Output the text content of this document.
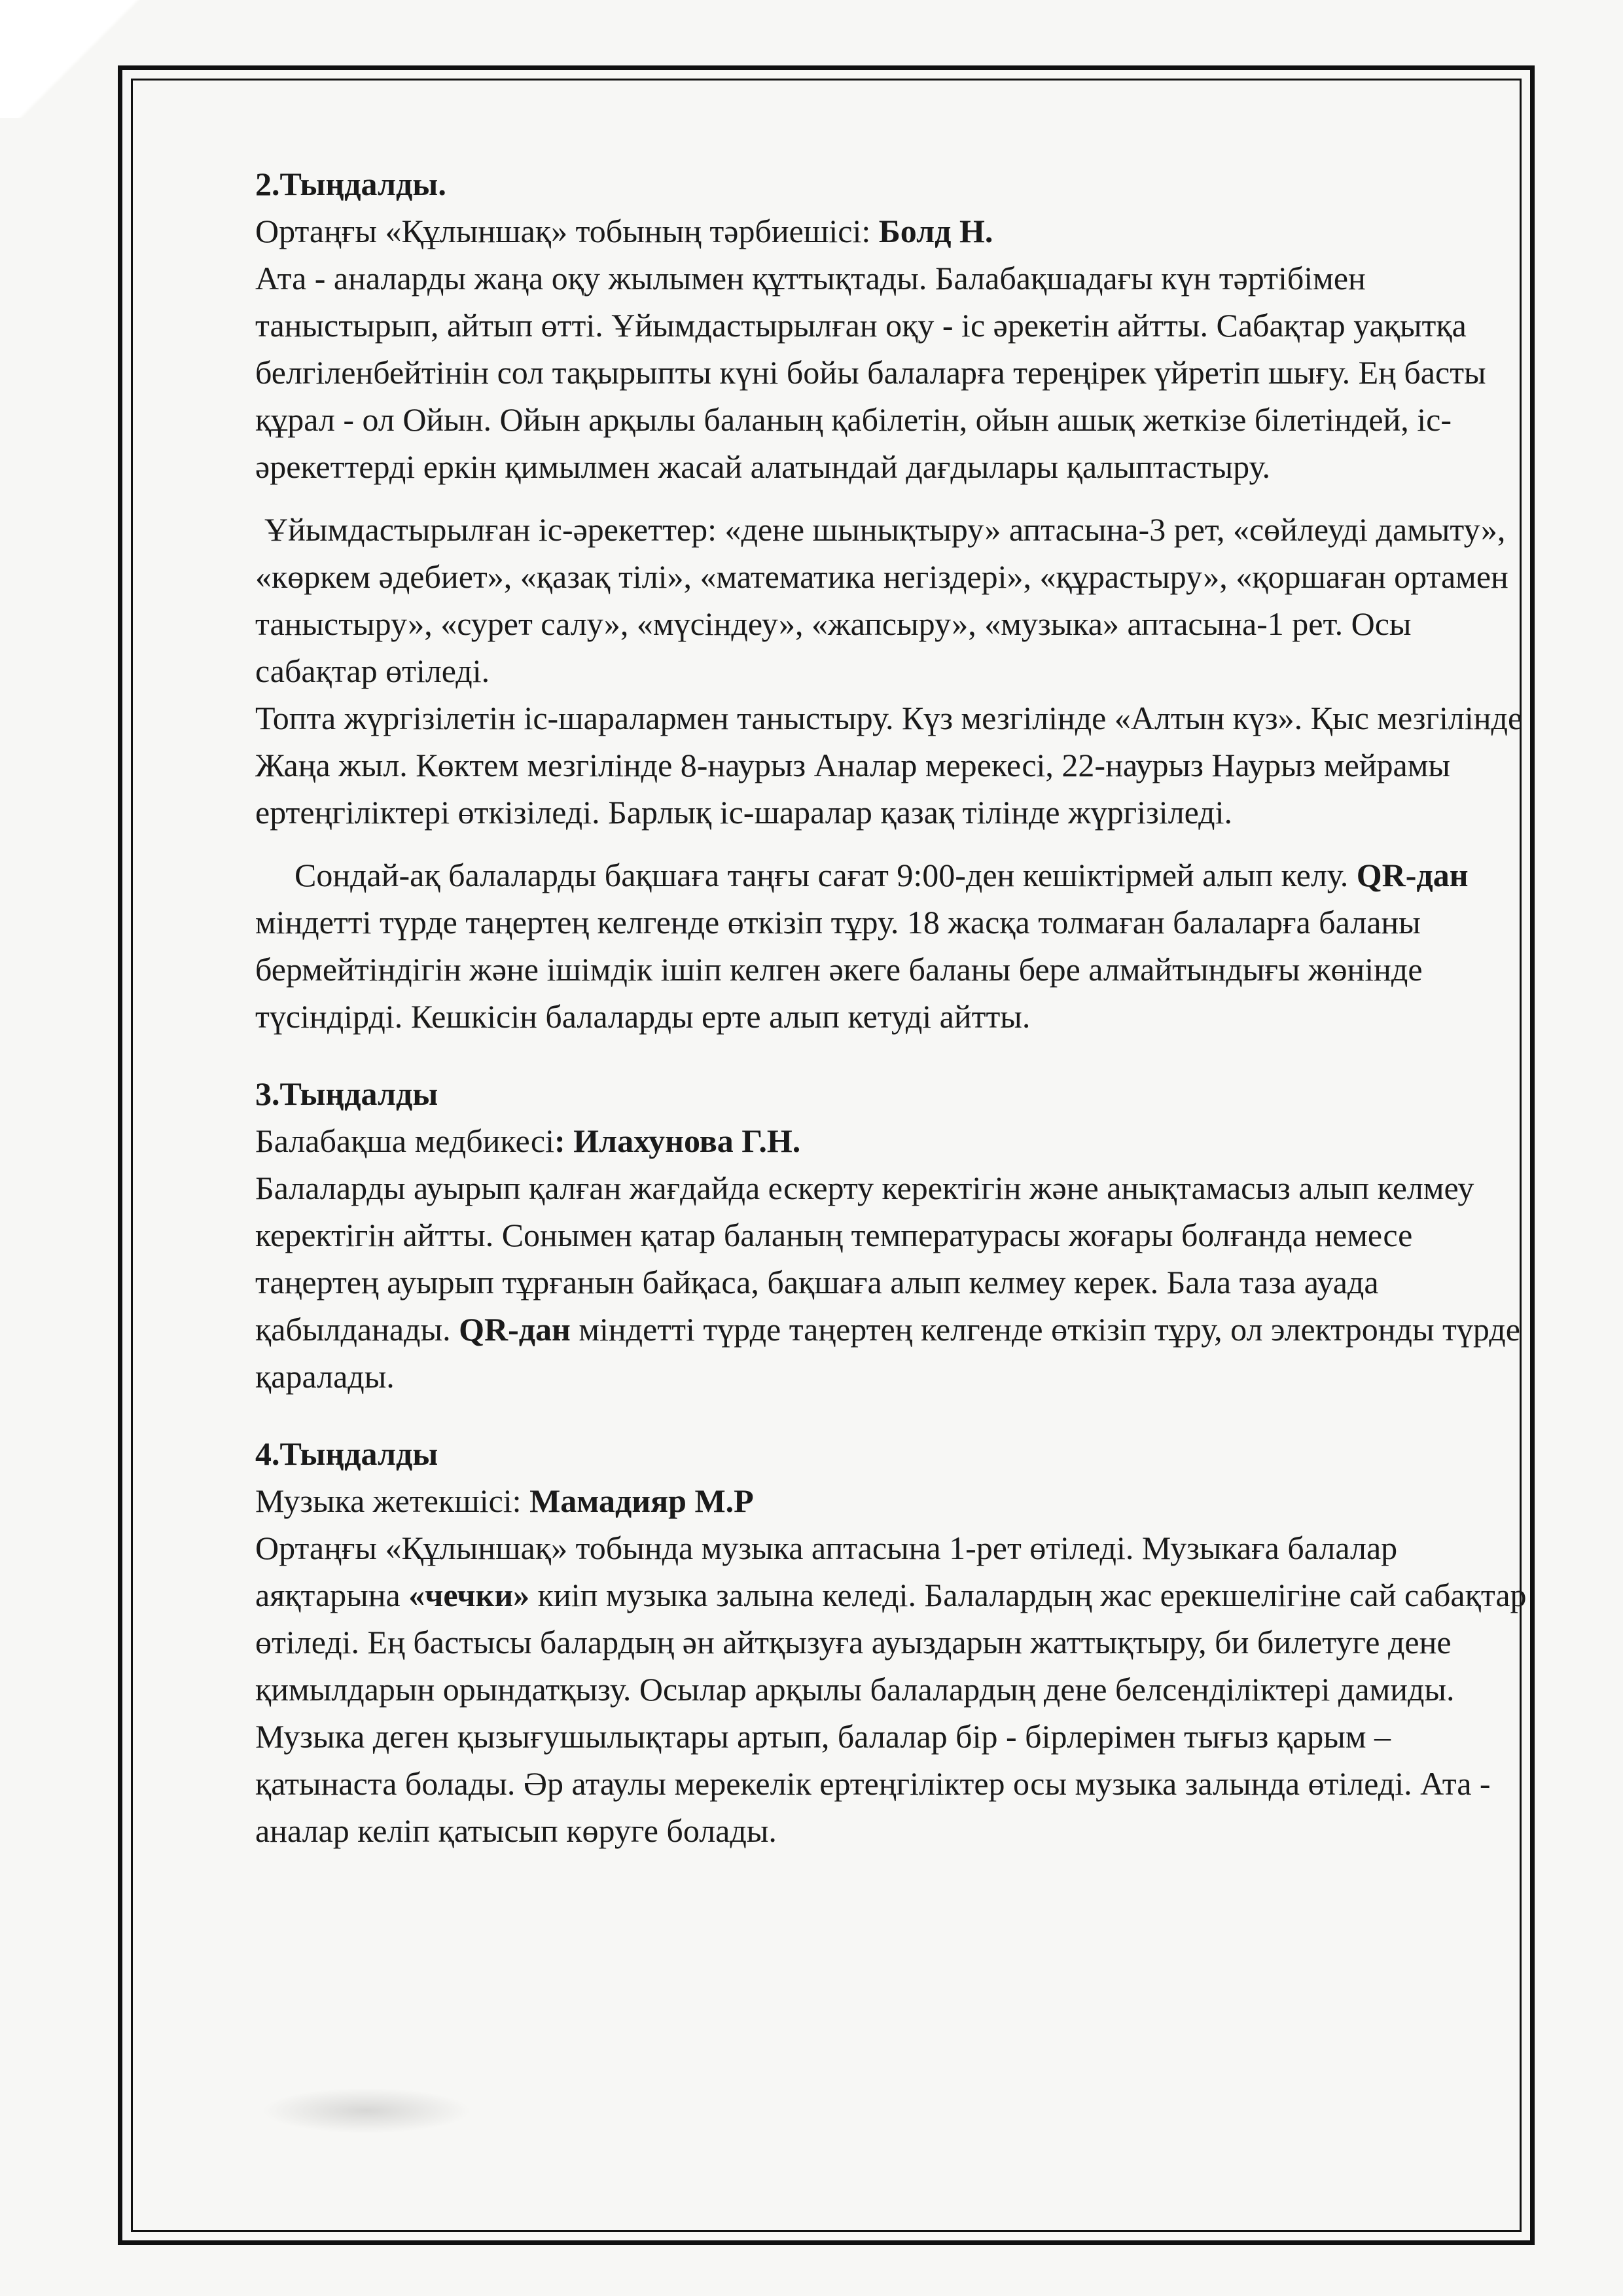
2.Тыңдалды.

Ортаңғы «Құлыншақ» тобының тәрбиешісі: Болд Н.

Ата - аналарды жаңа оқу жылымен құттықтады. Балабақшадағы күн тәртібімен таныстырып, айтып өтті. Ұйымдастырылған оқу - іс әрекетін айтты. Сабақтар уақытқа белгіленбейтінін сол тақырыпты күні бойы балаларға тереңірек үйретіп шығу. Ең басты құрал - ол Ойын. Ойын арқылы баланың қабілетін, ойын ашық жеткізе білетіндей, іс-әрекеттерді еркін қимылмен жасай алатындай дағдылары қалыптастыру.

Ұйымдастырылған іс-әрекеттер: «дене шынықтыру» аптасына-3 рет, «сөйлеуді дамыту», «көркем әдебиет», «қазақ тілі», «математика негіздері», «құрастыру», «қоршаған ортамен таныстыру», «сурет салу», «мүсіндеу», «жапсыру», «музыка» аптасына-1 рет. Осы сабақтар өтіледі.

Топта жүргізілетін іс-шаралармен таныстыру. Күз мезгілінде «Алтын күз». Қыс мезгілінде Жаңа жыл. Көктем мезгілінде 8-наурыз Аналар мерекесі, 22-наурыз Наурыз мейрамы ертеңгіліктері өткізіледі. Барлық іс-шаралар қазақ тілінде жүргізіледі.

Сондай-ақ балаларды бақшаға таңғы сағат 9:00-ден кешіктірмей алып келу. QR-дан міндетті түрде таңертең келгенде өткізіп тұру. 18 жасқа толмаған балаларға баланы бермейтіндігін және ішімдік ішіп келген әкеге баланы бере алмайтындығы жөнінде түсіндірді. Кешкісін балаларды ерте алып кетуді айтты.

3.Тыңдалды

Балабақша медбикесі: Илахунова Г.Н.

Балаларды ауырып қалған жағдайда ескерту керектігін және анықтамасыз алып келмеу керектігін айтты. Сонымен қатар баланың температурасы жоғары болғанда немесе таңертең ауырып тұрғанын байқаса, бақшаға алып келмеу керек. Бала таза ауада қабылданады. QR-дан міндетті түрде таңертең келгенде өткізіп тұру, ол электронды түрде қаралады.

4.Тыңдалды

Музыка жетекшісі: Мамадияр М.Р

Ортаңғы «Құлыншақ» тобында музыка аптасына 1-рет өтіледі. Музыкаға балалар аяқтарына «чечки» киіп музыка залына келеді. Балалардың жас ерекшелігіне сай сабақтар өтіледі. Ең бастысы балардың ән айтқызуға ауыздарын жаттықтыру, би билетуге дене қимылдарын орындатқызу. Осылар арқылы балалардың дене белсенділіктері дамиды. Музыка деген қызығушылықтары артып, балалар бір - бірлерімен тығыз қарым – қатынаста болады. Әр атаулы мерекелік ертеңгіліктер осы музыка залында өтіледі. Ата - аналар келіп қатысып көруге болады.
